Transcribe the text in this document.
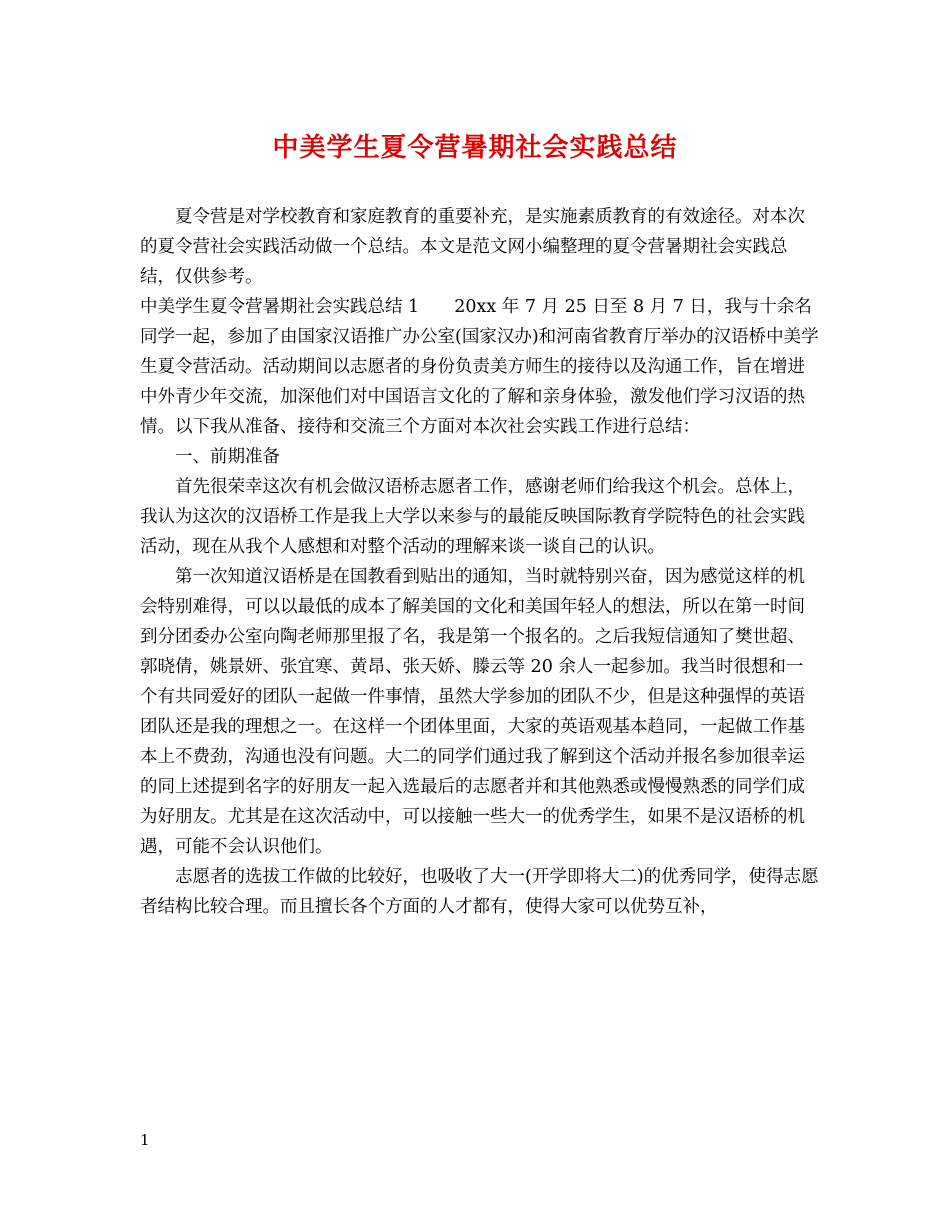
中美学生夏令营暑期社会实践总结

夏令营是对学校教育和家庭教育的重要补充，是实施素质教育的有效途径。对本次的夏令营社会实践活动做一个总结。本文是范文网小编整理的夏令营暑期社会实践总结，仅供参考。

中美学生夏令营暑期社会实践总结 1　　20xx 年 7 月 25 日至 8 月 7 日，我与十余名同学一起，参加了由国家汉语推广办公室(国家汉办)和河南省教育厅举办的汉语桥中美学生夏令营活动。活动期间以志愿者的身份负责美方师生的接待以及沟通工作，旨在增进中外青少年交流，加深他们对中国语言文化的了解和亲身体验，激发他们学习汉语的热情。以下我从准备、接待和交流三个方面对本次社会实践工作进行总结：

一、前期准备

首先很荣幸这次有机会做汉语桥志愿者工作，感谢老师们给我这个机会。总体上，我认为这次的汉语桥工作是我上大学以来参与的最能反映国际教育学院特色的社会实践活动，现在从我个人感想和对整个活动的理解来谈一谈自己的认识。

第一次知道汉语桥是在国教看到贴出的通知，当时就特别兴奋，因为感觉这样的机会特别难得，可以以最低的成本了解美国的文化和美国年轻人的想法，所以在第一时间到分团委办公室向陶老师那里报了名，我是第一个报名的。之后我短信通知了樊世超、郭晓倩，姚景妍、张宜寒、黄昂、张天娇、滕云等 20 余人一起参加。我当时很想和一个有共同爱好的团队一起做一件事情，虽然大学参加的团队不少，但是这种强悍的英语团队还是我的理想之一。在这样一个团体里面，大家的英语观基本趋同，一起做工作基本上不费劲，沟通也没有问题。大二的同学们通过我了解到这个活动并报名参加很幸运的同上述提到名字的好朋友一起入选最后的志愿者并和其他熟悉或慢慢熟悉的同学们成为好朋友。尤其是在这次活动中，可以接触一些大一的优秀学生，如果不是汉语桥的机遇，可能不会认识他们。

志愿者的选拔工作做的比较好，也吸收了大一(开学即将大二)的优秀同学，使得志愿者结构比较合理。而且擅长各个方面的人才都有，使得大家可以优势互补，

1
